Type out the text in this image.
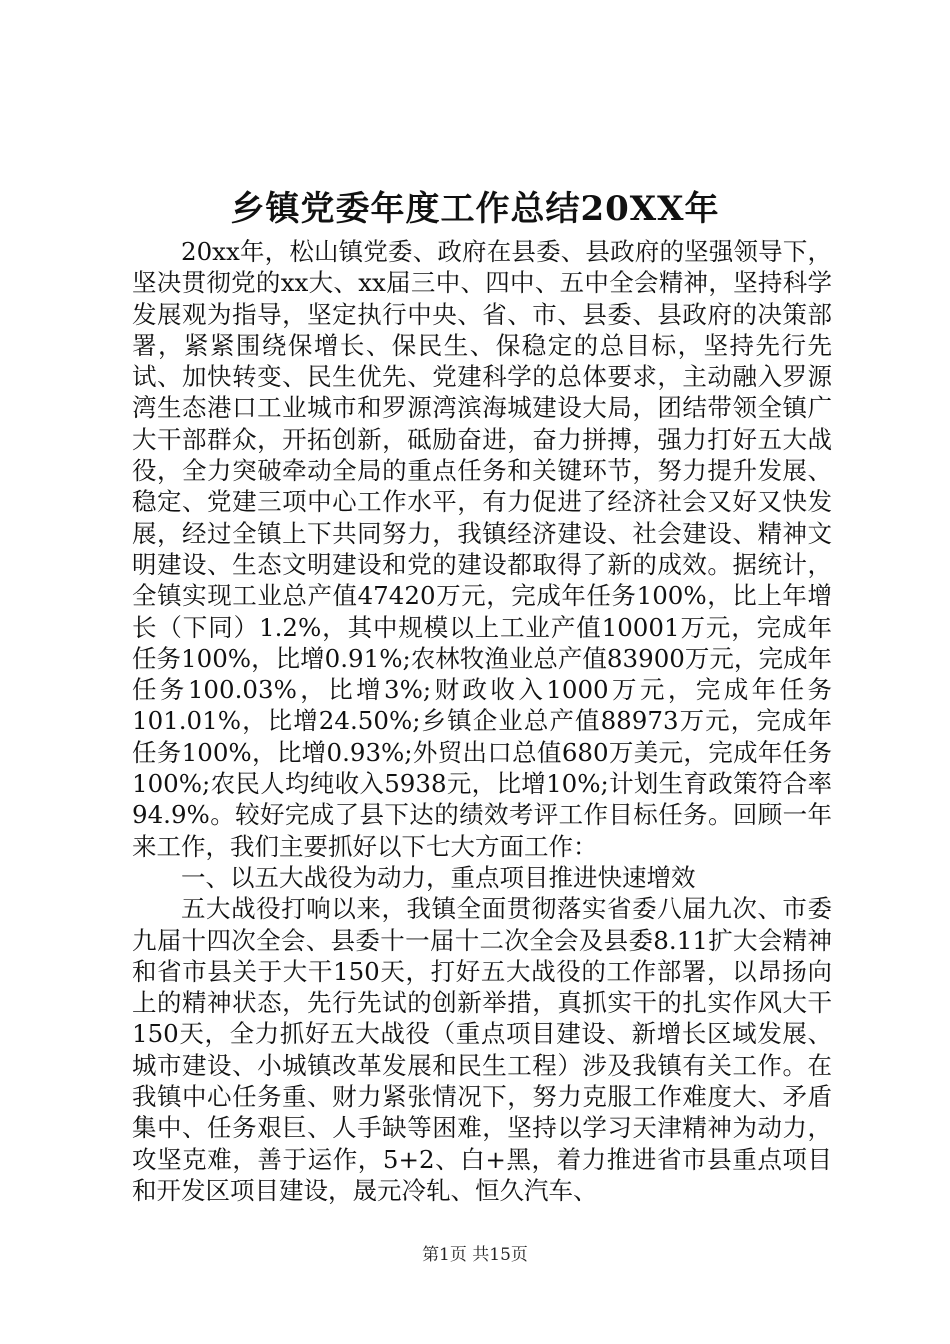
乡镇党委年度工作总结20XX年

20xx年，松山镇党委、政府在县委、县政府的坚强领导下，坚决贯彻党的xx大、xx届三中、四中、五中全会精神，坚持科学发展观为指导，坚定执行中央、省、市、县委、县政府的决策部署，紧紧围绕保增长、保民生、保稳定的总目标，坚持先行先试、加快转变、民生优先、党建科学的总体要求，主动融入罗源湾生态港口工业城市和罗源湾滨海城建设大局，团结带领全镇广大干部群众，开拓创新，砥励奋进，奋力拼搏，强力打好五大战役，全力突破牵动全局的重点任务和关键环节，努力提升发展、稳定、党建三项中心工作水平，有力促进了经济社会又好又快发展，经过全镇上下共同努力，我镇经济建设、社会建设、精神文明建设、生态文明建设和党的建设都取得了新的成效。据统计，全镇实现工业总产值47420万元，完成年任务100%，比上年增长（下同）1.2%，其中规模以上工业产值10001万元，完成年任务100%，比增0.91%;农林牧渔业总产值83900万元，完成年任务100.03%，比增3%;财政收入1000万元，完成年任务101.01%，比增24.50%;乡镇企业总产值88973万元，完成年任务100%，比增0.93%;外贸出口总值680万美元，完成年任务100%;农民人均纯收入5938元，比增10%;计划生育政策符合率94.9%。较好完成了县下达的绩效考评工作目标任务。回顾一年来工作，我们主要抓好以下七大方面工作：

一、以五大战役为动力，重点项目推进快速增效

五大战役打响以来，我镇全面贯彻落实省委八届九次、市委九届十四次全会、县委十一届十二次全会及县委8.11扩大会精神和省市县关于大干150天，打好五大战役的工作部署，以昂扬向上的精神状态，先行先试的创新举措，真抓实干的扎实作风大干150天，全力抓好五大战役（重点项目建设、新增长区域发展、城市建设、小城镇改革发展和民生工程）涉及我镇有关工作。在我镇中心任务重、财力紧张情况下，努力克服工作难度大、矛盾集中、任务艰巨、人手缺等困难，坚持以学习天津精神为动力，攻坚克难，善于运作，5+2、白+黑，着力推进省市县重点项目和开发区项目建设，晟元冷轧、恒久汽车、

第1页 共15页
